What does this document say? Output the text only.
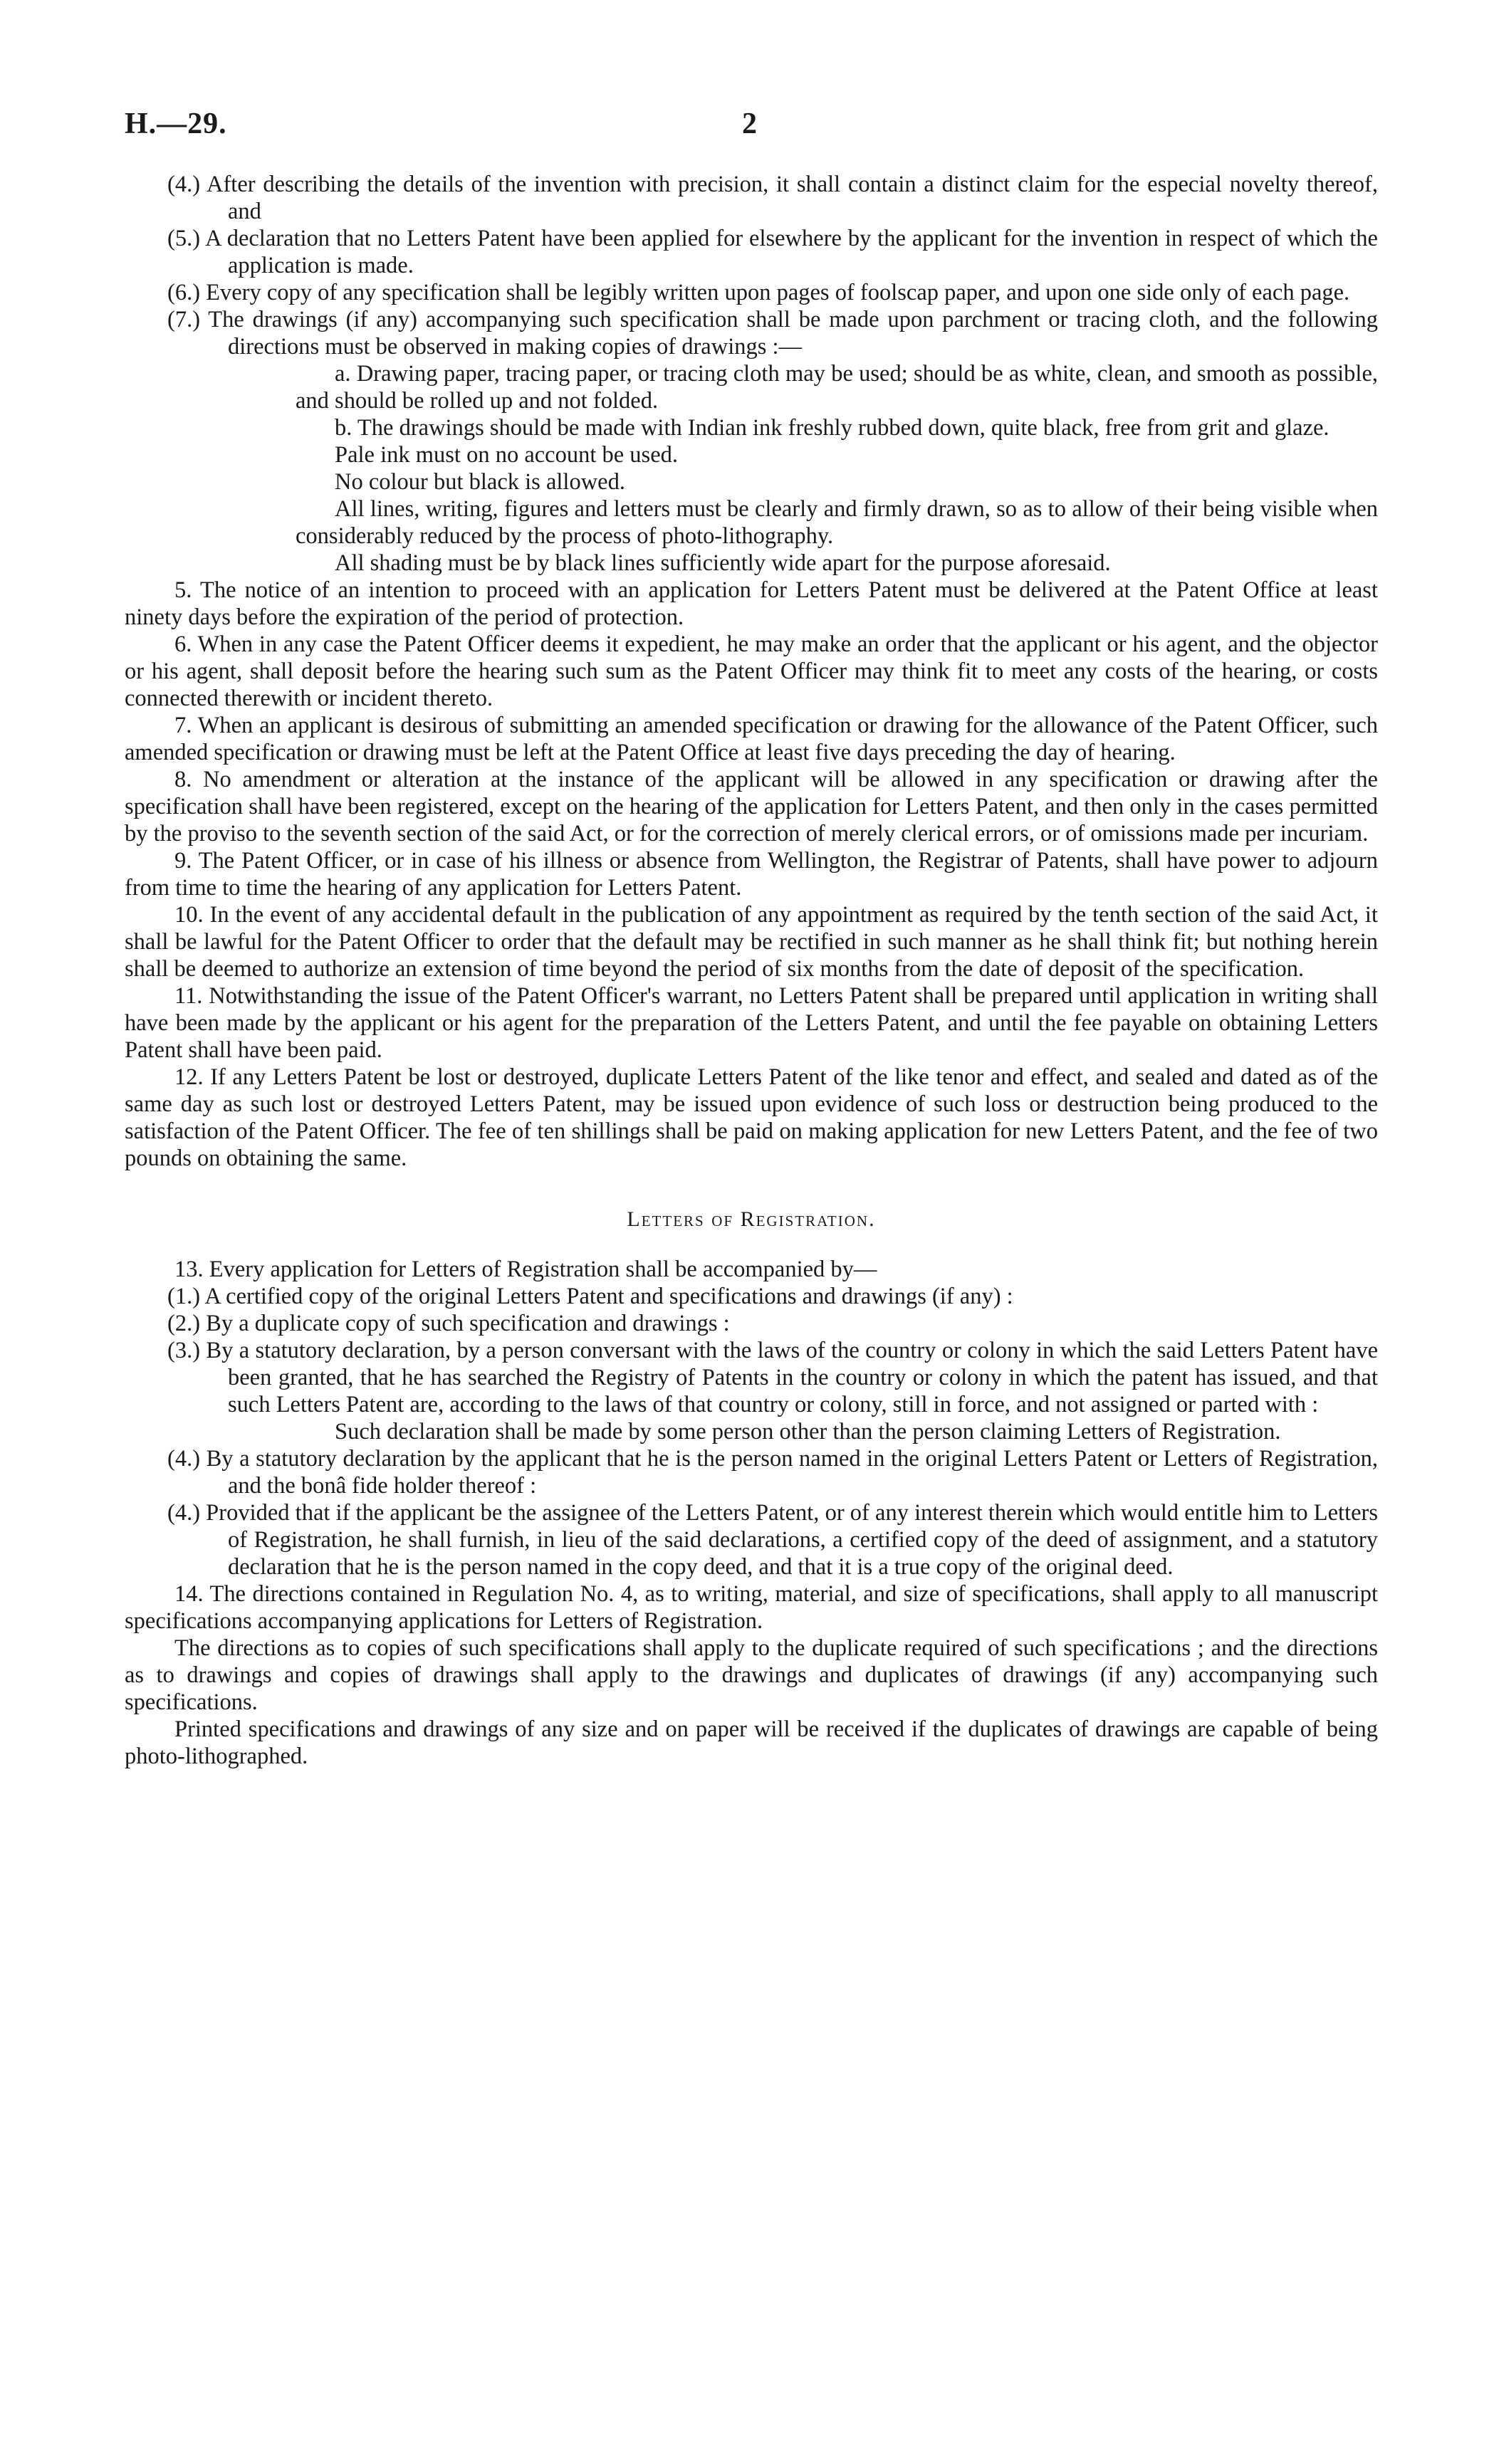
H.—29.	2

(4.) After describing the details of the invention with precision, it shall contain a distinct claim for the especial novelty thereof, and

(5.) A declaration that no Letters Patent have been applied for elsewhere by the applicant for the invention in respect of which the application is made.

(6.) Every copy of any specification shall be legibly written upon pages of foolscap paper, and upon one side only of each page.

(7.) The drawings (if any) accompanying such specification shall be made upon parchment or tracing cloth, and the following directions must be observed in making copies of drawings :—

a. Drawing paper, tracing paper, or tracing cloth may be used; should be as white, clean, and smooth as possible, and should be rolled up and not folded.

b. The drawings should be made with Indian ink freshly rubbed down, quite black, free from grit and glaze.

Pale ink must on no account be used.

No colour but black is allowed.

All lines, writing, figures and letters must be clearly and firmly drawn, so as to allow of their being visible when considerably reduced by the process of photo-lithography.

All shading must be by black lines sufficiently wide apart for the purpose aforesaid.

5. The notice of an intention to proceed with an application for Letters Patent must be delivered at the Patent Office at least ninety days before the expiration of the period of protection.

6. When in any case the Patent Officer deems it expedient, he may make an order that the applicant or his agent, and the objector or his agent, shall deposit before the hearing such sum as the Patent Officer may think fit to meet any costs of the hearing, or costs connected therewith or incident thereto.

7. When an applicant is desirous of submitting an amended specification or drawing for the allowance of the Patent Officer, such amended specification or drawing must be left at the Patent Office at least five days preceding the day of hearing.

8. No amendment or alteration at the instance of the applicant will be allowed in any specification or drawing after the specification shall have been registered, except on the hearing of the application for Letters Patent, and then only in the cases permitted by the proviso to the seventh section of the said Act, or for the correction of merely clerical errors, or of omissions made per incuriam.

9. The Patent Officer, or in case of his illness or absence from Wellington, the Registrar of Patents, shall have power to adjourn from time to time the hearing of any application for Letters Patent.

10. In the event of any accidental default in the publication of any appointment as required by the tenth section of the said Act, it shall be lawful for the Patent Officer to order that the default may be rectified in such manner as he shall think fit; but nothing herein shall be deemed to authorize an extension of time beyond the period of six months from the date of deposit of the specification.

11. Notwithstanding the issue of the Patent Officer's warrant, no Letters Patent shall be prepared until application in writing shall have been made by the applicant or his agent for the preparation of the Letters Patent, and until the fee payable on obtaining Letters Patent shall have been paid.

12. If any Letters Patent be lost or destroyed, duplicate Letters Patent of the like tenor and effect, and sealed and dated as of the same day as such lost or destroyed Letters Patent, may be issued upon evidence of such loss or destruction being produced to the satisfaction of the Patent Officer. The fee of ten shillings shall be paid on making application for new Letters Patent, and the fee of two pounds on obtaining the same.

Letters of Registration.

13. Every application for Letters of Registration shall be accompanied by—

(1.) A certified copy of the original Letters Patent and specifications and drawings (if any) :

(2.) By a duplicate copy of such specification and drawings :

(3.) By a statutory declaration, by a person conversant with the laws of the country or colony in which the said Letters Patent have been granted, that he has searched the Registry of Patents in the country or colony in which the patent has issued, and that such Letters Patent are, according to the laws of that country or colony, still in force, and not assigned or parted with :

Such declaration shall be made by some person other than the person claiming Letters of Registration.

(4.) By a statutory declaration by the applicant that he is the person named in the original Letters Patent or Letters of Registration, and the bonâ fide holder thereof :

(4.) Provided that if the applicant be the assignee of the Letters Patent, or of any interest therein which would entitle him to Letters of Registration, he shall furnish, in lieu of the said declarations, a certified copy of the deed of assignment, and a statutory declaration that he is the person named in the copy deed, and that it is a true copy of the original deed.

14. The directions contained in Regulation No. 4, as to writing, material, and size of specifications, shall apply to all manuscript specifications accompanying applications for Letters of Registration.

The directions as to copies of such specifications shall apply to the duplicate required of such specifications ; and the directions as to drawings and copies of drawings shall apply to the drawings and duplicates of drawings (if any) accompanying such specifications.

Printed specifications and drawings of any size and on paper will be received if the duplicates of drawings are capable of being photo-lithographed.
